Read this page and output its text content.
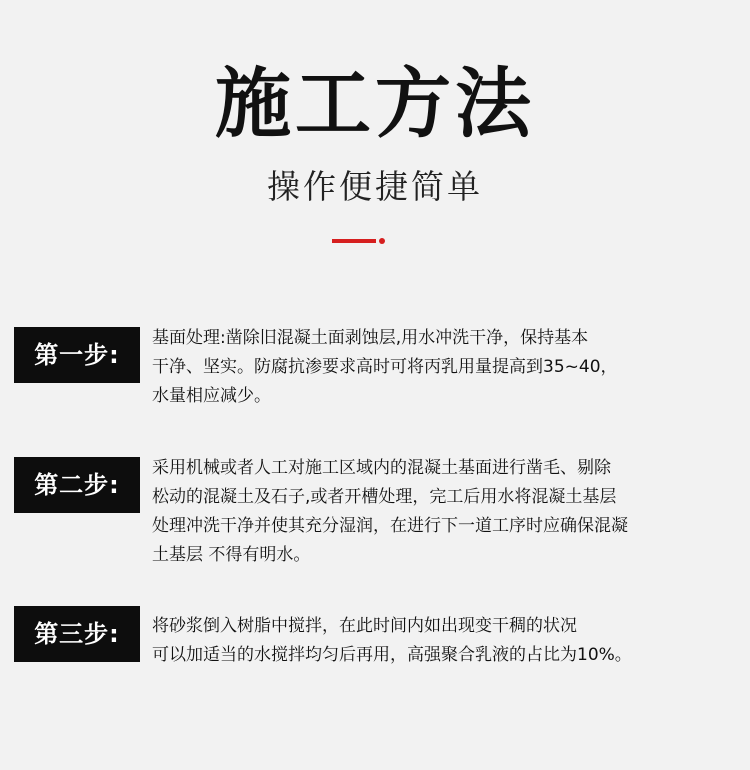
施工方法
操作便捷简单
第一步:
基面处理:凿除旧混凝土面剥蚀层,用水冲洗干净，保持基本
干净、坚实。防腐抗渗要求高时可将丙乳用量提高到35~40，
水量相应减少。
第二步:
采用机械或者人工对施工区域内的混凝土基面进行凿毛、剔除
松动的混凝土及石子,或者开槽处理，完工后用水将混凝土基层
处理冲洗干净并使其充分湿润，在进行下一道工序时应确保混凝
土基层 不得有明水。
第三步:	将砂浆倒入树脂中搅拌，在此时间内如出现变干稠的状况
可以加适当的水搅拌均匀后再用，高强聚合乳液的占比为10%。
